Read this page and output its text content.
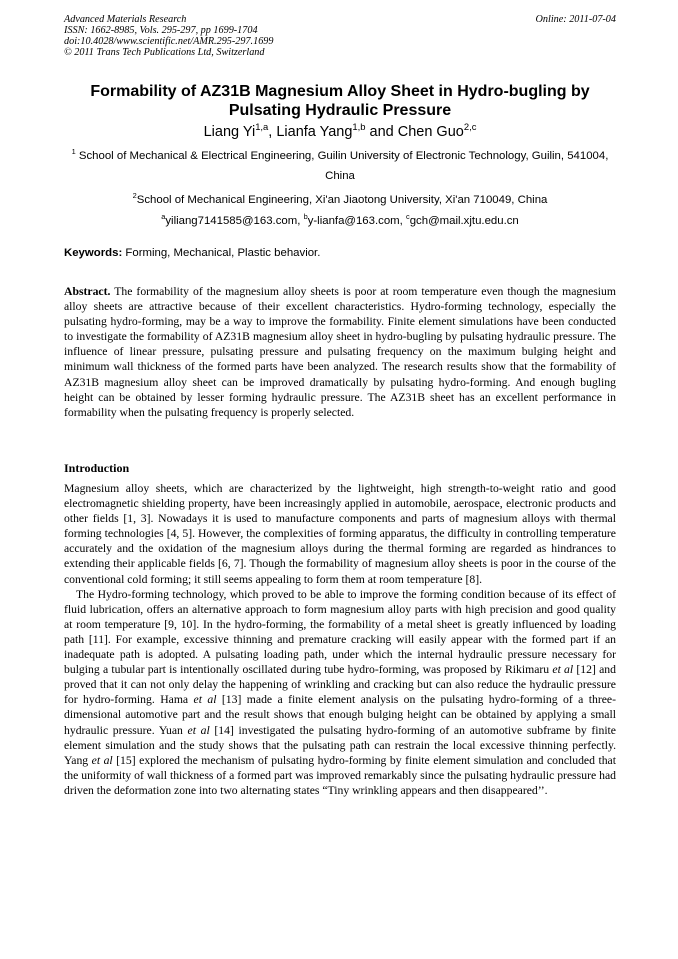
Advanced Materials Research
ISSN: 1662-8985, Vols. 295-297, pp 1699-1704
doi:10.4028/www.scientific.net/AMR.295-297.1699
© 2011 Trans Tech Publications Ltd, Switzerland
Online: 2011-07-04
Formability of AZ31B Magnesium Alloy Sheet in Hydro-bugling by Pulsating Hydraulic Pressure
Liang Yi$^{1,a}$, Lianfa Yang$^{1,b}$ and Chen Guo$^{2,c}$
$^1$ School of Mechanical & Electrical Engineering, Guilin University of Electronic Technology, Guilin, 541004, China
$^2$School of Mechanical Engineering, Xi'an Jiaotong University, Xi'an 710049, China
$^a$yiliang7141585@163.com, $^b$y-lianfa@163.com, $^c$gch@mail.xjtu.edu.cn
Keywords: Forming, Mechanical, Plastic behavior.
Abstract. The formability of the magnesium alloy sheets is poor at room temperature even though the magnesium alloy sheets are attractive because of their excellent characteristics. Hydro-forming technology, especially the pulsating hydro-forming, may be a way to improve the formability. Finite element simulations have been conducted to investigate the formability of AZ31B magnesium alloy sheet in hydro-bugling by pulsating hydraulic pressure. The influence of linear pressure, pulsating pressure and pulsating frequency on the maximum bulging height and minimum wall thickness of the formed parts have been analyzed. The research results show that the formability of AZ31B magnesium alloy sheet can be improved dramatically by pulsating hydro-forming. And enough bugling height can be obtained by lesser forming hydraulic pressure. The AZ31B sheet has an excellent performance in formability when the pulsating frequency is properly selected.
Introduction

Magnesium alloy sheets, which are characterized by the lightweight, high strength-to-weight ratio and good electromagnetic shielding property, have been increasingly applied in automobile, aerospace, electronic products and other fields [1, 3]. Nowadays it is used to manufacture components and parts of magnesium alloys with thermal forming technologies [4, 5]. However, the complexities of forming apparatus, the difficulty in controlling temperature accurately and the oxidation of the magnesium alloys during the thermal forming are regarded as hindrances to extending their applicable fields [6, 7]. Though the formability of magnesium alloy sheets is poor in the course of the conventional cold forming; it still seems appealing to form them at room temperature [8].

The Hydro-forming technology, which proved to be able to improve the forming condition because of its effect of fluid lubrication, offers an alternative approach to form magnesium alloy parts with high precision and good quality at room temperature [9, 10]. In the hydro-forming, the formability of a metal sheet is greatly influenced by loading path [11]. For example, excessive thinning and premature cracking will easily appear with the formed part if an inadequate path is adopted. A pulsating loading path, under which the internal hydraulic pressure necessary for bulging a tubular part is intentionally oscillated during tube hydro-forming, was proposed by Rikimaru et al [12] and proved that it can not only delay the happening of wrinkling and cracking but can also reduce the hydraulic pressure for hydro-forming. Hama et al [13] made a finite element analysis on the pulsating hydro-forming of a three-dimensional automotive part and the result shows that enough bulging height can be obtained by applying a small hydraulic pressure. Yuan et al [14] investigated the pulsating hydro-forming of an automotive subframe by finite element simulation and the study shows that the pulsating path can restrain the local excessive thinning perfectly. Yang et al [15] explored the mechanism of pulsating hydro-forming by finite element simulation and concluded that the uniformity of wall thickness of a formed part was improved remarkably since the pulsating hydraulic pressure had driven the deformation zone into two alternating states “Tiny wrinkling appears and then disappeared’’.
